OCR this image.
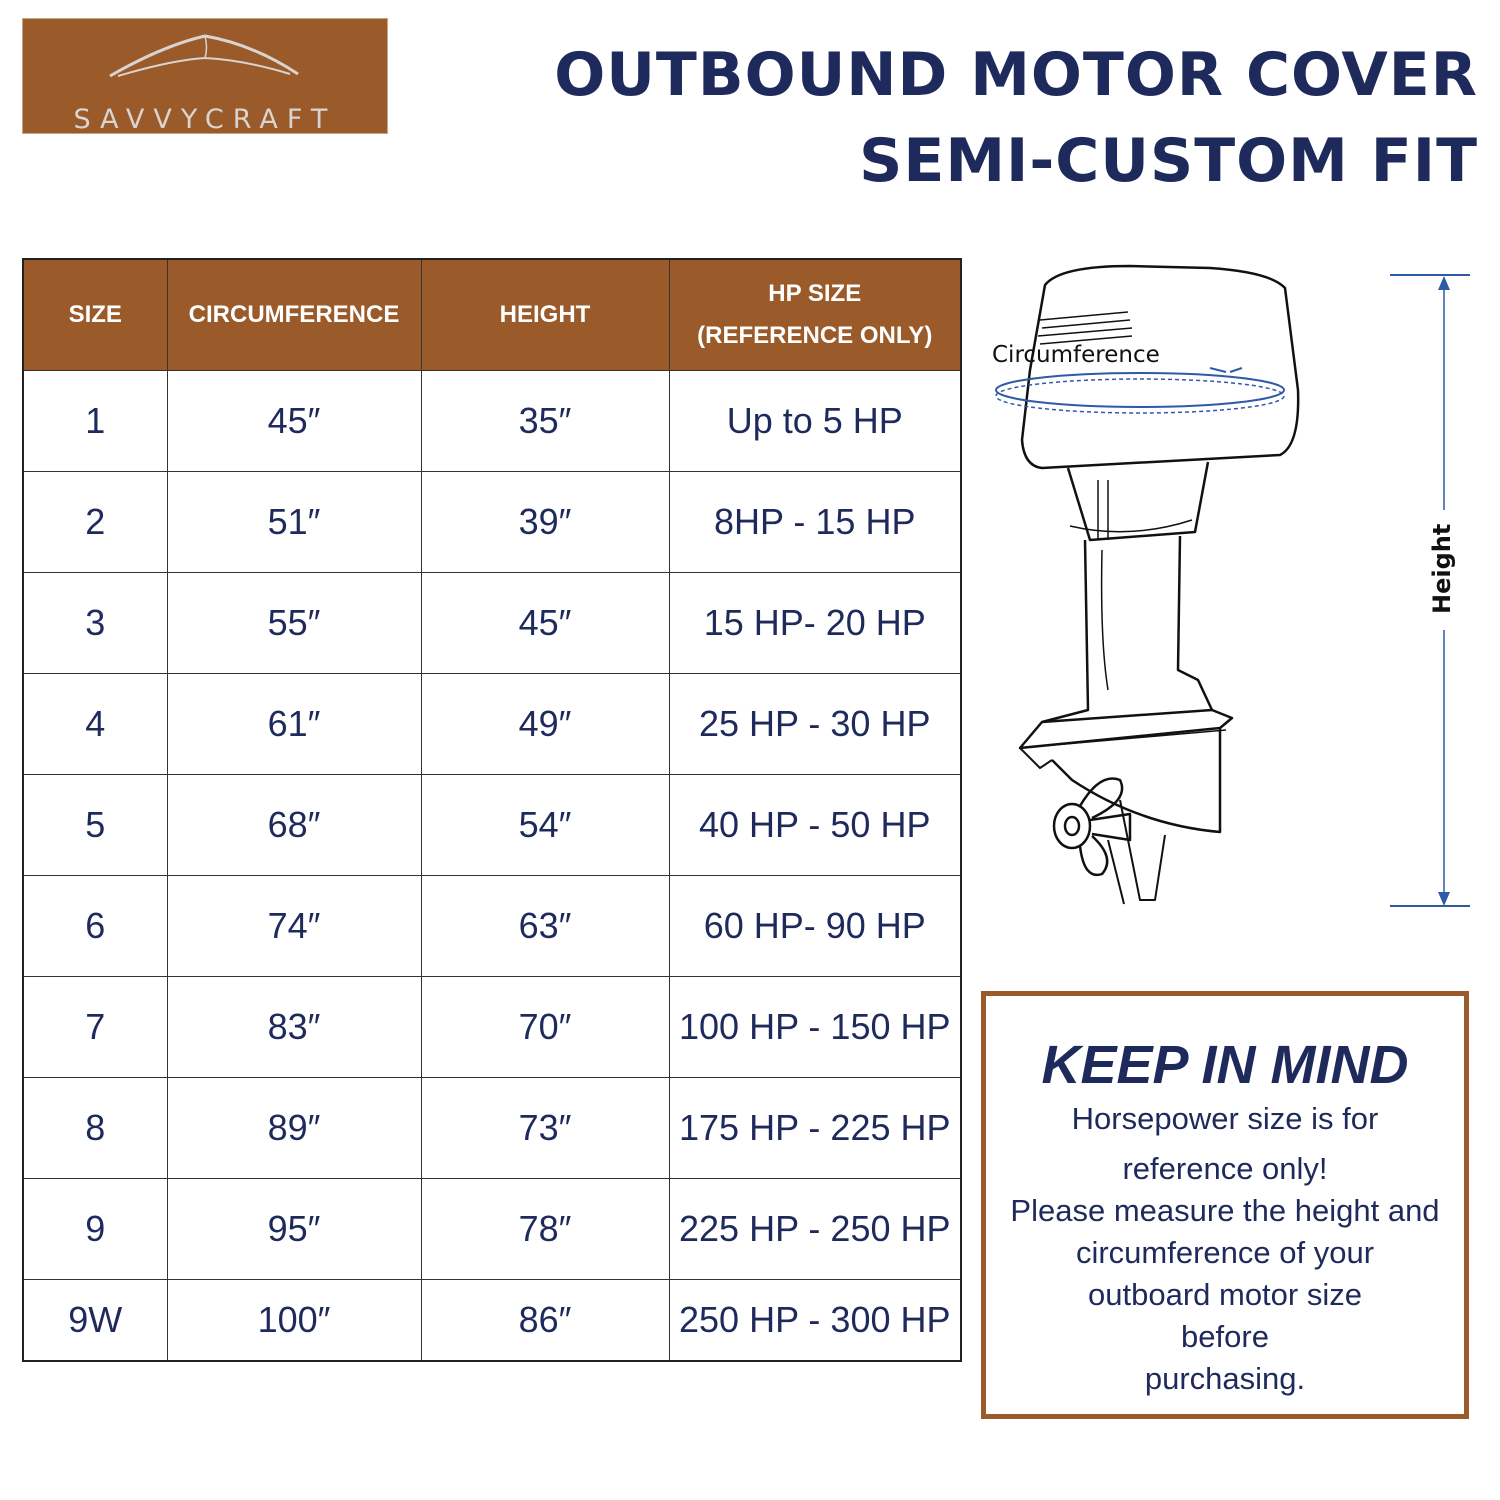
SAVVYCRAFT
OUTBOUND MOTOR COVER
SEMI-CUSTOM FIT
SIZE	CIRCUMFERENCE	HEIGHT	HP SIZE
(REFERENCE ONLY)

1	45″	35″	Up to 5 HP
2	51″	39″	8HP - 15 HP
3	55″	45″	15 HP- 20 HP
4	61″	49″	25 HP - 30 HP
5	68″	54″	40 HP - 50 HP
6	74″	63″	60 HP- 90 HP
7	83″	70″	100 HP - 150 HP
8	89″	73″	175 HP - 225 HP
9	95″	78″	225 HP - 250 HP
9W	100″	86″	250 HP - 300 HP
Circumference
Height
KEEP IN MIND
Horsepower size is for
reference only!
Please measure the height and
circumference of your
outboard motor size
before
purchasing.
